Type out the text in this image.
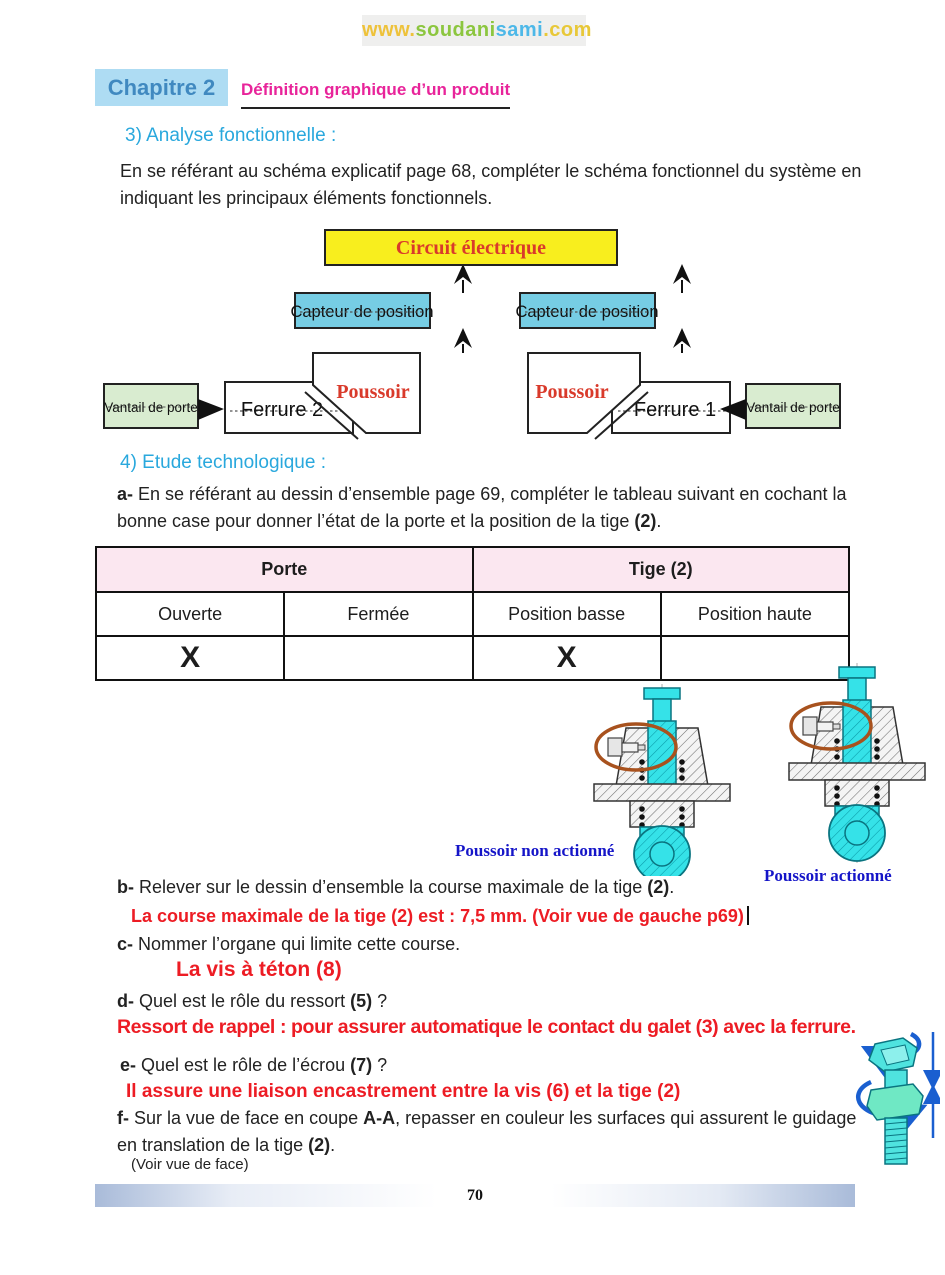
www.soudanisami.com
Chapitre 2	Définition graphique d’un produit
3) Analyse fonctionnelle :
En se référant au schéma explicatif page 68, compléter le schéma fonctionnel du système en indiquant les principaux éléments fonctionnels.
Circuit électrique
Capteur de position	Capteur de position
Ferrure 2	Ferrure 1
Poussoir	Poussoir
Vantail de porte	Vantail de porte
4) Etude technologique :
a- En se référant au dessin d’ensemble page 69, compléter le tableau suivant en cochant la bonne case pour donner l’état de la porte et la position de la tige (2).
Porte		Tige (2)	
Ouverte	Fermée	Position basse	Position haute
X		X	
Poussoir non actionné
Poussoir actionné
b- Relever sur le dessin d’ensemble la course maximale de la tige (2).
La course maximale de la tige (2) est : 7,5 mm. (Voir vue de gauche p69)
c- Nommer l’organe qui limite cette course.
La vis à téton (8)
d- Quel est le rôle du ressort (5) ?
Ressort de rappel : pour assurer automatique le contact du galet (3) avec la ferrure.
e- Quel est le rôle de l’écrou (7) ?
Il assure une liaison encastrement entre la vis (6) et la tige (2)
f- Sur la vue de face en coupe A-A, repasser en couleur les surfaces qui assurent le guidage en translation de la tige (2).
(Voir vue de face)
70
